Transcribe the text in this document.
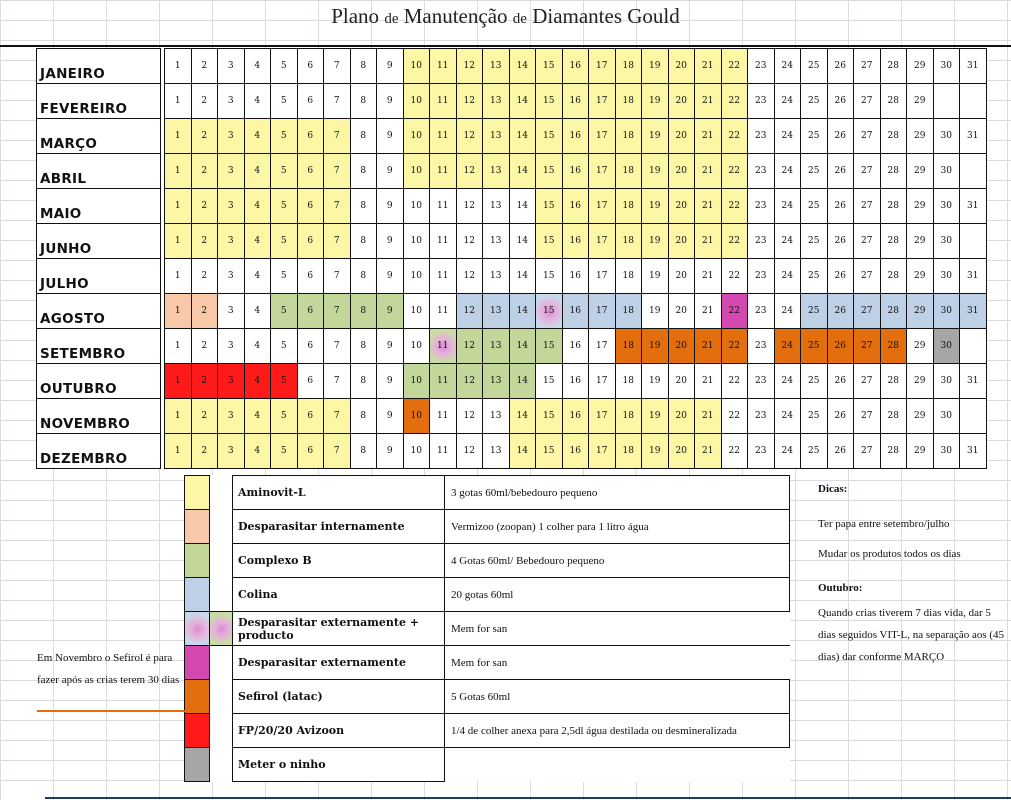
Plano de Manutenção de Diamantes Gould
JANEIRO		1	2	3	4	5	6	7	8	9	10	11	12	13	14	15	16	17	18	19	20	21	22	23	24	25	26	27	28	29	30	31
FEVEREIRO		1	2	3	4	5	6	7	8	9	10	11	12	13	14	15	16	17	18	19	20	21	22	23	24	25	26	27	28	29		
MARÇO		1	2	3	4	5	6	7	8	9	10	11	12	13	14	15	16	17	18	19	20	21	22	23	24	25	26	27	28	29	30	31
ABRIL		1	2	3	4	5	6	7	8	9	10	11	12	13	14	15	16	17	18	19	20	21	22	23	24	25	26	27	28	29	30	
MAIO		1	2	3	4	5	6	7	8	9	10	11	12	13	14	15	16	17	18	19	20	21	22	23	24	25	26	27	28	29	30	31
JUNHO		1	2	3	4	5	6	7	8	9	10	11	12	13	14	15	16	17	18	19	20	21	22	23	24	25	26	27	28	29	30	
JULHO		1	2	3	4	5	6	7	8	9	10	11	12	13	14	15	16	17	18	19	20	21	22	23	24	25	26	27	28	29	30	31
AGOSTO		1	2	3	4	5	6	7	8	9	10	11	12	13	14	15	16	17	18	19	20	21	22	23	24	25	26	27	28	29	30	31
SETEMBRO		1	2	3	4	5	6	7	8	9	10	11	12	13	14	15	16	17	18	19	20	21	22	23	24	25	26	27	28	29	30	
OUTUBRO		1	2	3	4	5	6	7	8	9	10	11	12	13	14	15	16	17	18	19	20	21	22	23	24	25	26	27	28	29	30	31
NOVEMBRO		1	2	3	4	5	6	7	8	9	10	11	12	13	14	15	16	17	18	19	20	21	22	23	24	25	26	27	28	29	30	
DEZEMBRO		1	2	3	4	5	6	7	8	9	10	11	12	13	14	15	16	17	18	19	20	21	22	23	24	25	26	27	28	29	30	31
		Aminovit-L	3 gotas 60ml/bebedouro pequeno
		Desparasitar internamente	Vermizoo (zoopan) 1 colher para 1 litro água
		Complexo B	4 Gotas 60ml/ Bebedouro pequeno
		Colina	20 gotas 60ml
		Desparasitar externamente + producto	Mem for san
		Desparasitar externamente	Mem for san
		Sefirol (latac)	5 Gotas 60ml
		FP/20/20 Avizoon	1/4 de colher anexa para 2,5dl água destilada ou desmineralizada
		Meter o ninho	
Dicas:
Ter papa entre setembro/julho
Mudar os produtos todos os dias
Outubro:
Quando crias tiverem 7 dias vida, dar 5 dias seguidos VIT-L, na separação aos (45 dias) dar conforme MARÇO
Em Novembro o Sefirol é para fazer após as crias terem 30 dias
